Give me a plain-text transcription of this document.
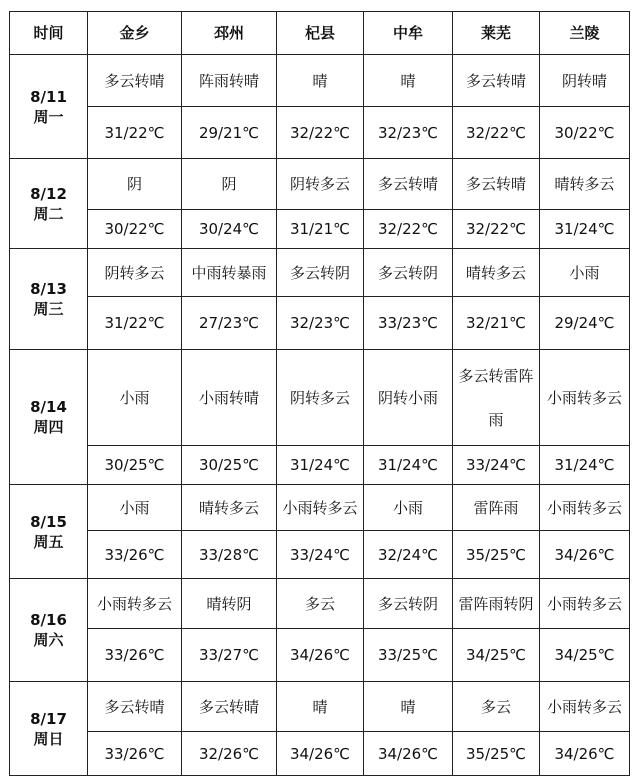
时间	金乡	邳州	杞县	中牟	莱芜	兰陵

8/11
周一	多云转晴	阵雨转晴	晴	晴	多云转晴	阴转晴
	31/22℃	29/21℃	32/22℃	32/23℃	32/22℃	30/22℃

8/12
周二	阴	阴	阴转多云	多云转晴	多云转晴	晴转多云
	30/22℃	30/24℃	31/21℃	32/22℃	32/22℃	31/24℃

8/13
周三	阴转多云	中雨转暴雨	多云转阴	多云转阴	晴转多云	小雨
	31/22℃	27/23℃	32/23℃	33/23℃	32/21℃	29/24℃

8/14
周四	小雨	小雨转晴	阴转多云	阴转小雨	多云转雷阵雨	小雨转多云
	30/25℃	30/25℃	31/24℃	31/24℃	33/24℃	31/24℃

8/15
周五	小雨	晴转多云	小雨转多云	小雨	雷阵雨	小雨转多云
	33/26℃	33/28℃	33/24℃	32/24℃	35/25℃	34/26℃

8/16
周六	小雨转多云	晴转阴	多云	多云转阴	雷阵雨转阴	小雨转多云
	33/26℃	33/27℃	34/26℃	33/25℃	34/25℃	34/25℃

8/17
周日	多云转晴	多云转晴	晴	晴	多云	小雨转多云
	33/26℃	32/26℃	34/26℃	34/26℃	35/25℃	34/26℃
